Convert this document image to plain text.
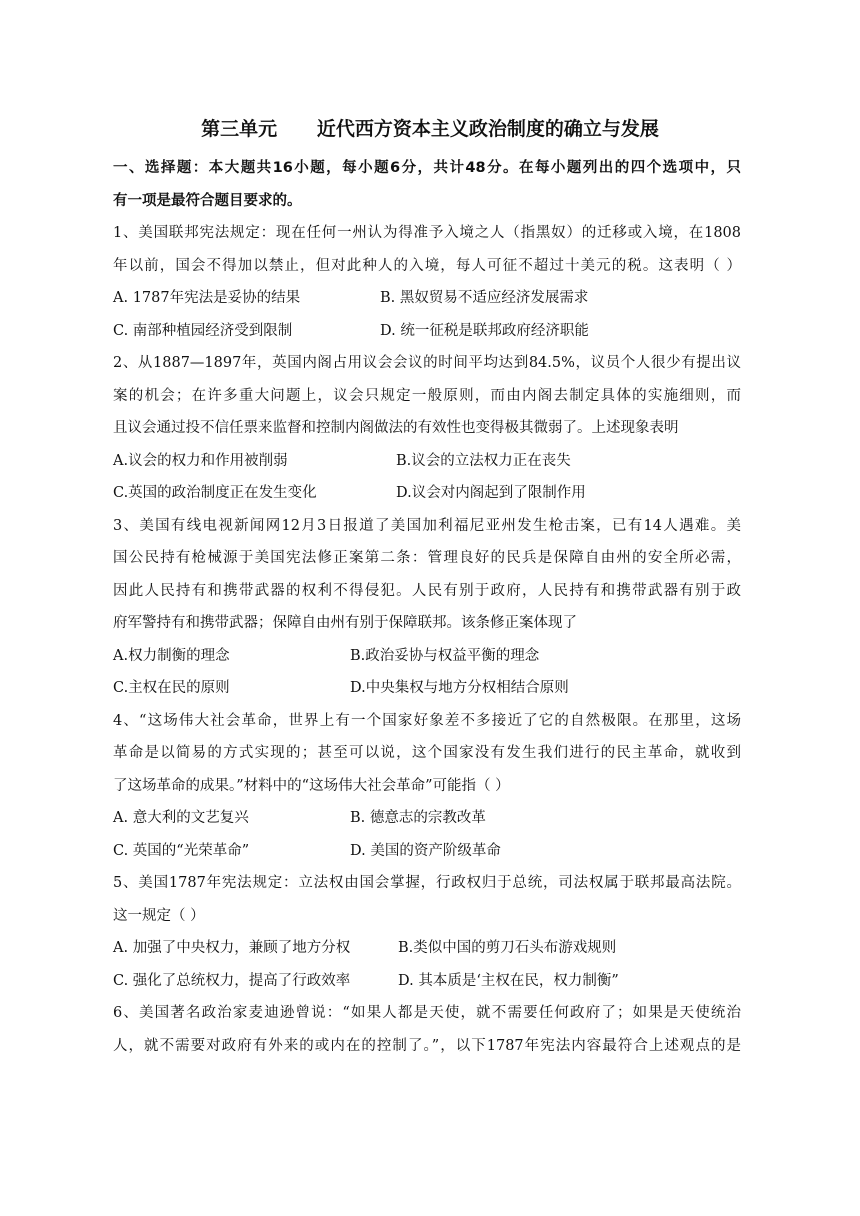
第三单元      近代西方资本主义政治制度的确立与发展
一、选择题：本大题共16小题，每小题6分，共计48分。在每小题列出的四个选项中，只
有一项是最符合题目要求的。
1、美国联邦宪法规定：现在任何一州认为得准予入境之人（指黑奴）的迁移或入境，在1808
年以前，国会不得加以禁止，但对此种人的入境，每人可征不超过十美元的税。这表明（ ）
A. 1787年宪法是妥协的结果	B. 黑奴贸易不适应经济发展需求
C. 南部种植园经济受到限制	D. 统一征税是联邦政府经济职能
2、从1887—1897年，英国内阁占用议会会议的时间平均达到84.5%，议员个人很少有提出议
案的机会；在许多重大问题上，议会只规定一般原则，而由内阁去制定具体的实施细则，而
且议会通过投不信任票来监督和控制内阁做法的有效性也变得极其微弱了。上述现象表明
A.议会的权力和作用被削弱	B.议会的立法权力正在丧失
C.英国的政治制度正在发生变化	D.议会对内阁起到了限制作用
3、美国有线电视新闻网12月3日报道了美国加利福尼亚州发生枪击案，已有14人遇难。美
国公民持有枪械源于美国宪法修正案第二条：管理良好的民兵是保障自由州的安全所必需，
因此人民持有和携带武器的权利不得侵犯。人民有别于政府，人民持有和携带武器有别于政
府军警持有和携带武器；保障自由州有别于保障联邦。该条修正案体现了
A.权力制衡的理念	B.政治妥协与权益平衡的理念
C.主权在民的原则	D.中央集权与地方分权相结合原则
4、“这场伟大社会革命，世界上有一个国家好象差不多接近了它的自然极限。在那里，这场
革命是以简易的方式实现的；甚至可以说，这个国家没有发生我们进行的民主革命，就收到
了这场革命的成果。”材料中的“这场伟大社会革命”可能指（ ）
A. 意大利的文艺复兴	B. 德意志的宗教改革
C. 英国的“光荣革命”	D. 美国的资产阶级革命
5、美国1787年宪法规定：立法权由国会掌握，行政权归于总统，司法权属于联邦最高法院。
这一规定（ ）
A. 加强了中央权力，兼顾了地方分权	B.类似中国的剪刀石头布游戏规则
C. 强化了总统权力，提高了行政效率	D. 其本质是‘主权在民，权力制衡”
6、美国著名政治家麦迪逊曾说：“如果人都是天使，就不需要任何政府了；如果是天使统治
人，就不需要对政府有外来的或内在的控制了。”，以下1787年宪法内容最符合上述观点的是
